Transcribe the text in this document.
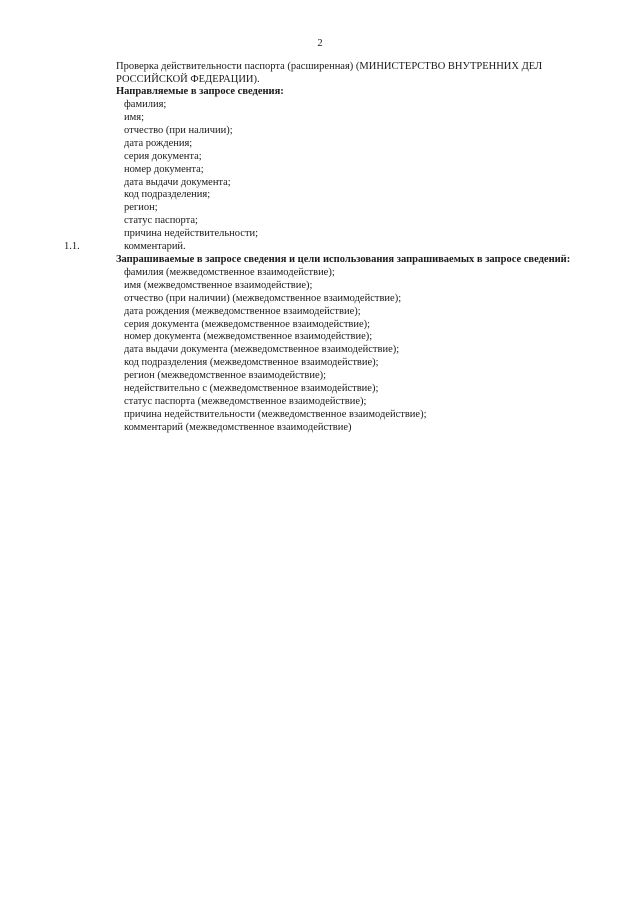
2

Проверка действительности паспорта (расширенная) (МИНИСТЕРСТВО ВНУТРЕННИХ ДЕЛ
РОССИЙСКОЙ ФЕДЕРАЦИИ).

Направляемые в запросе сведения:
фамилия;
имя;
отчество (при наличии);
дата рождения;
серия документа;
номер документа;
дата выдачи документа;
код подразделения;
регион;
статус паспорта;
причина недействительности;
1.1.	комментарий.
Запрашиваемые в запросе сведения и цели использования запрашиваемых в запросе сведений:
фамилия (межведомственное взаимодействие);
имя (межведомственное взаимодействие);
отчество (при наличии) (межведомственное взаимодействие);
дата рождения (межведомственное взаимодействие);
серия документа (межведомственное взаимодействие);
номер документа (межведомственное взаимодействие);
дата выдачи документа (межведомственное взаимодействие);
код подразделения (межведомственное взаимодействие);
регион (межведомственное взаимодействие);
недействительно с (межведомственное взаимодействие);
статус паспорта (межведомственное взаимодействие);
причина недействительности (межведомственное взаимодействие);
комментарий (межведомственное взаимодействие)
